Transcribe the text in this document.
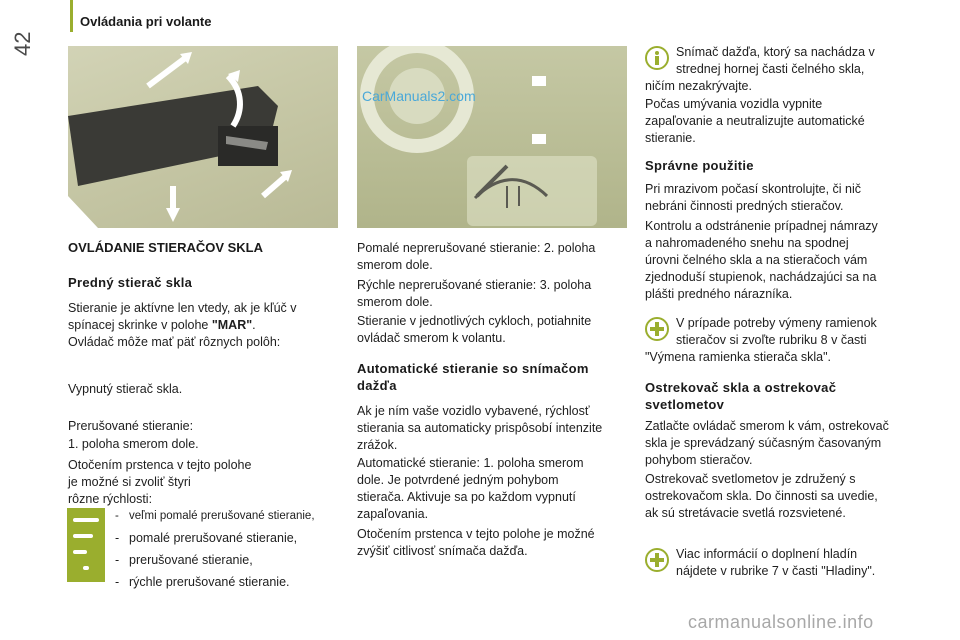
42
Ovládania pri volante
CarManuals2.com
OVLÁDANIE STIERAČOV SKLA
Predný stierač skla
Stieranie je aktívne len vtedy, ak je kľúč v
spínacej skrinke v polohe "MAR".
Ovládač môže mať päť rôznych polôh:
Vypnutý stierač skla.
Prerušované stieranie:
1. poloha smerom dole.
Otočením prstenca v tejto polohe
je možné si zvoliť štyri
rôzne rýchlosti:
- veľmi pomalé prerušované stieranie,
- pomalé prerušované stieranie,
- prerušované stieranie,
- rýchle prerušované stieranie.
Pomalé neprerušované stieranie: 2. poloha
smerom dole.
Rýchle neprerušované stieranie: 3. poloha
smerom dole.
Stieranie v jednotlivých cykloch, potiahnite
ovládač smerom k volantu.
Automatické stieranie so snímačom
dažďa
Ak je ním vaše vozidlo vybavené, rýchlosť
stierania sa automaticky prispôsobí intenzite
zrážok.
Automatické stieranie: 1. poloha smerom
dole. Je potvrdené jedným pohybom
stierača. Aktivuje sa po každom vypnutí
zapaľovania.
Otočením prstenca v tejto polohe je možné
zvýšiť citlivosť snímača dažďa.
Snímač dažďa, ktorý sa nachádza v
strednej hornej časti čelného skla,
ničím nezakrývajte.
Počas umývania vozidla vypnite
zapaľovanie a neutralizujte automatické
stieranie.
Správne použitie
Pri mrazivom počasí skontrolujte, či nič
nebráni činnosti predných stieračov.
Kontrolu a odstránenie prípadnej námrazy
a nahromadeného snehu na spodnej
úrovni čelného skla a na stieračoch vám
zjednoduší stupienok, nachádzajúci sa na
plášti predného nárazníka.
V prípade potreby výmeny ramienok
stieračov si zvoľte rubriku 8 v časti
"Výmena ramienka stierača skla".
Ostrekovač skla a ostrekovač
svetlometov
Zatlačte ovládač smerom k vám, ostrekovač
skla je sprevádzaný súčasným časovaným
pohybom stieračov.
Ostrekovač svetlometov je združený s
ostrekovačom skla. Do činnosti sa uvedie,
ak sú stretávacie svetlá rozsvietené.
Viac informácií o doplnení hladín
nájdete v rubrike 7 v časti "Hladiny".
carmanualsonline.info
